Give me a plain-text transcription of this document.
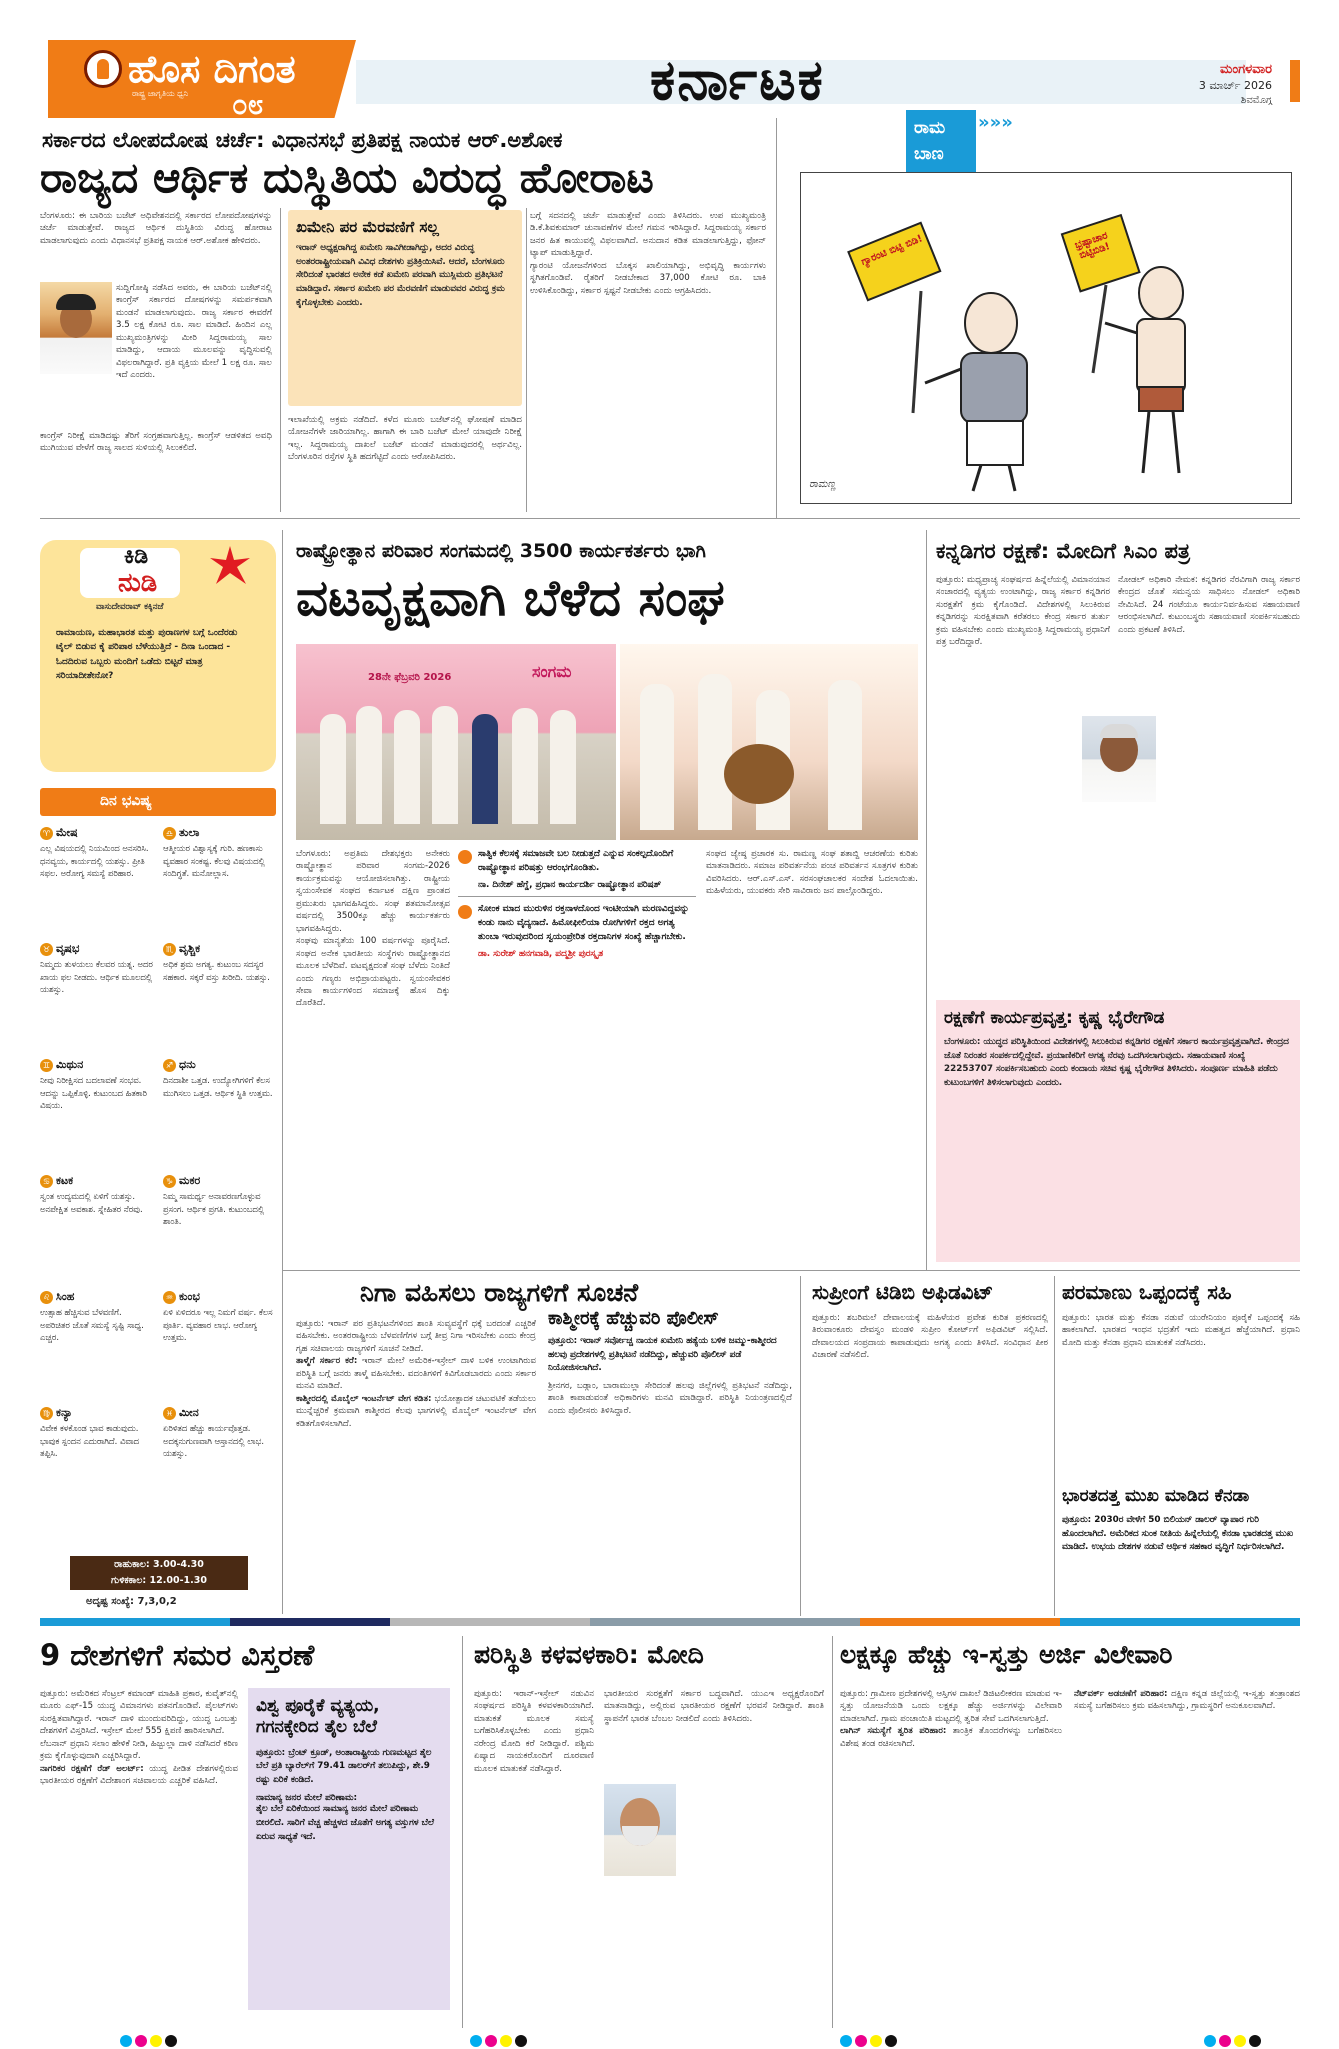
ಹೊಸ ದಿಗಂತ
ರಾಷ್ಟ್ರ ಜಾಗೃತಿಯ ಧ್ವನಿ ೦೮	ಕರ್ನಾಟಕ	ಮಂಗಳವಾರ
3 ಮಾರ್ಚ್ 2026
ಶಿವಮೊಗ್ಗ
ಸರ್ಕಾರದ ಲೋಪದೋಷ ಚರ್ಚೆ: ವಿಧಾನಸಭೆ ಪ್ರತಿಪಕ್ಷ ನಾಯಕ ಆರ್.ಅಶೋಕ
ರಾಜ್ಯದ ಆರ್ಥಿಕ ದುಸ್ಥಿತಿಯ ವಿರುದ್ಧ ಹೋರಾಟ

ಬೆಂಗಳೂರು: ಈ ಬಾರಿಯ ಬಜೆಟ್ ಅಧಿವೇಶನದಲ್ಲಿ ಸರ್ಕಾರದ ಲೋಪದೋಷಗಳನ್ನು ಚರ್ಚೆ ಮಾಡುತ್ತೇವೆ. ರಾಜ್ಯದ ಆರ್ಥಿಕ ದುಸ್ಥಿತಿಯ ವಿರುದ್ಧ ಹೋರಾಟ ಮಾಡಲಾಗುವುದು ಎಂದು ವಿಧಾನಸಭೆ ಪ್ರತಿಪಕ್ಷ ನಾಯಕ ಆರ್.ಅಶೋಕ ಹೇಳಿದರು.

ಸುದ್ದಿಗೋಷ್ಠಿ ನಡೆಸಿದ ಅವರು, ಈ ಬಾರಿಯ ಬಜೆಟ್‌ನಲ್ಲಿ ಕಾಂಗ್ರೆಸ್ ಸರ್ಕಾರದ ದೋಷಗಳನ್ನು ಸಮರ್ಪಕವಾಗಿ ಮಂಡನೆ ಮಾಡಲಾಗುವುದು. ರಾಜ್ಯ ಸರ್ಕಾರ ಈವರೆಗೆ 3.5 ಲಕ್ಷ ಕೋಟಿ ರೂ. ಸಾಲ ಮಾಡಿದೆ. ಹಿಂದಿನ ಎಲ್ಲ ಮುಖ್ಯಮಂತ್ರಿಗಳನ್ನು ಮೀರಿ ಸಿದ್ದರಾಮಯ್ಯ ಸಾಲ ಮಾಡಿದ್ದು, ಆದಾಯ ಮೂಲವನ್ನು ವೃದ್ಧಿಸುವಲ್ಲಿ ವಿಫಲರಾಗಿದ್ದಾರೆ. ಪ್ರತಿ ವ್ಯಕ್ತಿಯ ಮೇಲೆ 1 ಲಕ್ಷ ರೂ. ಸಾಲ ಇದೆ ಎಂದರು.

ಕಾಂಗ್ರೆಸ್ ನಿರೀಕ್ಷೆ ಮಾಡಿದಷ್ಟು ತೆರಿಗೆ ಸಂಗ್ರಹವಾಗುತ್ತಿಲ್ಲ. ಕಾಂಗ್ರೆಸ್ ಆಡಳಿತದ ಅವಧಿ ಮುಗಿಯುವ ವೇಳೆಗೆ ರಾಜ್ಯ ಸಾಲದ ಸುಳಿಯಲ್ಲಿ ಸಿಲುಕಲಿದೆ.

ಖಮೇನಿ ಪರ ಮೆರವಣಿಗೆ ಸಲ್ಲ
ಇರಾನ್ ಅಧ್ಯಕ್ಷರಾಗಿದ್ದ ಖಮೇನಿ ಸಾವಿಗೀಡಾಗಿದ್ದು, ಅದರ ವಿರುದ್ಧ ಅಂತರರಾಷ್ಟ್ರೀಯವಾಗಿ ವಿವಿಧ ದೇಶಗಳು ಪ್ರತಿಕ್ರಿಯಿಸಿವೆ. ಆದರೆ, ಬೆಂಗಳೂರು ಸೇರಿದಂತೆ ಭಾರತದ ಅನೇಕ ಕಡೆ ಖಮೇನಿ ಪರವಾಗಿ ಮುಸ್ಲಿಮರು ಪ್ರತಿಭಟನೆ ಮಾಡಿದ್ದಾರೆ. ಸರ್ಕಾರ ಖಮೇನಿ ಪರ ಮೆರವಣಿಗೆ ಮಾಡುವವರ ವಿರುದ್ಧ ಕ್ರಮ ಕೈಗೊಳ್ಳಬೇಕು ಎಂದರು.

ಇಲಾಖೆಯಲ್ಲಿ ಅಕ್ರಮ ನಡೆದಿದೆ. ಕಳೆದ ಮೂರು ಬಜೆಟ್‌ನಲ್ಲಿ ಘೋಷಣೆ ಮಾಡಿದ ಯೋಜನೆಗಳೇ ಜಾರಿಯಾಗಿಲ್ಲ. ಹಾಗಾಗಿ ಈ ಬಾರಿ ಬಜೆಟ್ ಮೇಲೆ ಯಾವುದೇ ನಿರೀಕ್ಷೆ ಇಲ್ಲ. ಸಿದ್ದರಾಮಯ್ಯ ದಾಖಲೆ ಬಜೆಟ್ ಮಂಡನೆ ಮಾಡುವುದರಲ್ಲಿ ಅರ್ಥವಿಲ್ಲ. ಬೆಂಗಳೂರಿನ ರಸ್ತೆಗಳ ಸ್ಥಿತಿ ಹದಗೆಟ್ಟಿದೆ ಎಂದು ಆರೋಪಿಸಿದರು.

ಬಗ್ಗೆ ಸದನದಲ್ಲಿ ಚರ್ಚೆ ಮಾಡುತ್ತೇವೆ ಎಂದು ತಿಳಿಸಿದರು. ಉಪ ಮುಖ್ಯಮಂತ್ರಿ ಡಿ.ಕೆ.ಶಿವಕುಮಾರ್ ಚುನಾವಣೆಗಳ ಮೇಲೆ ಗಮನ ಇರಿಸಿದ್ದಾರೆ. ಸಿದ್ದರಾಮಯ್ಯ ಸರ್ಕಾರ ಜನರ ಹಿತ ಕಾಯುವಲ್ಲಿ ವಿಫಲವಾಗಿದೆ. ಅನುದಾನ ಕಡಿತ ಮಾಡಲಾಗುತ್ತಿದ್ದು, ಫೋನ್ ಟ್ಯಾಪ್ ಮಾಡುತ್ತಿದ್ದಾರೆ.

ಗ್ಯಾರಂಟಿ ಯೋಜನೆಗಳಿಂದ ಬೊಕ್ಕಸ ಖಾಲಿಯಾಗಿದ್ದು, ಅಭಿವೃದ್ಧಿ ಕಾರ್ಯಗಳು ಸ್ಥಗಿತಗೊಂಡಿವೆ. ರೈತರಿಗೆ ನೀಡಬೇಕಾದ 37,000 ಕೋಟಿ ರೂ. ಬಾಕಿ ಉಳಿಸಿಕೊಂಡಿದ್ದು, ಸರ್ಕಾರ ಸ್ಪಷ್ಟನೆ ನೀಡಬೇಕು ಎಂದು ಆಗ್ರಹಿಸಿದರು.

ರಾಮ
ಬಾಣ
»»»
ಗ್ಯಾರಂಟಿ ಬಿಟ್ಟಿ ಬಿಡಿ!	ಭ್ರಷ್ಟಾಚಾರ ಬಿಟ್ಟಿಬಿಡಿ!
ರಾಮಣ್ಣ
ಕಿಡಿ
ನುಡಿ
ವಾಸುದೇವರಾವ್ ಕಕ್ಕಿನಜೆ
ರಾಮಾಯಣ, ಮಹಾಭಾರತ ಮತ್ತು ಪುರಾಣಗಳ ಬಗ್ಗೆ ಒಂದೆರಡು ಟೈಲ್ ಬಿಡುವ ಕೈ ಪರಿಪಾಠ ಬೆಳೆಯುತ್ತಿದೆ - ದಿನಾ ಒಂದಾದ - ಓದದಿರುವ ಒಬ್ಬರು ಮಂದಿಗೆ ಒಡೆದು ಬಿಟ್ಟರೆ ಮಾತ್ರ ಸರಿಯಾದೀತೇನೋ?
ದಿನ ಭವಿಷ್ಯ
♈ ಮೇಷ
ಎಲ್ಲ ವಿಷಯದಲ್ಲಿ ನಿಯಮಿಂದ ಅನಸರಿಸಿ. ಧನವ್ಯಯ, ಕಾರ್ಯದಲ್ಲಿ ಯಶಸ್ಸು. ಪ್ರೀತಿ ಸಫಲ. ಅರೋಗ್ಯ ಸಮಸ್ಯೆ ಪರಿಹಾರ.
♎ ತುಲಾ
ಆತ್ಮೀಯರ ವಿಶ್ವಾಸ್ಯಕ್ಕೆ ಗುರಿ. ಹಣಕಾಸು ವ್ಯವಹಾರ ಸಂಕಷ್ಟ. ಕೆಲವು ವಿಷಯದಲ್ಲಿ ಸಂದಿಗ್ಧತೆ. ಮನೋಲ್ಲಾಸ.
♉ ವೃಷಭ
ನಿಮ್ಮದು ತುಳಯಲು ಕೆಲವರ ಯತ್ನ. ಅದರ ಖಾಯ ಫಲ ನೀಡದು. ಆರ್ಥಿಕ ಮೂಲದಲ್ಲಿ ಯಶಸ್ಸು.
♏ ವೃಶ್ಚಿಕ
ಅಧಿಕ ಶ್ರಮ ಅಗತ್ಯ. ಕುಟುಂಬ ಸದಸ್ಯರ ಸಹಕಾರ. ಸಕ್ಕರೆ ವಸ್ತು ಖರೀದಿ. ಯಶಸ್ಸು.
♊ ಮಿಥುನ
ನೀವು ನಿರೀಕ್ಷಿಸದ ಬದಲಾವಣೆ ಸಂಭವ. ಆದನ್ನು ಒಪ್ಪಿಕೊಳ್ಳಿ. ಕುಟುಂಬದ ಹಿತಕಾರಿ ವಿಷಯ.
♐ ಧನು
ದಿನದಾಶೀ ಒತ್ತಡ. ಉದ್ಯೋಗಿಗಳಿಗೆ ಕೆಲಸ ಮುಗಿಸಲು ಒತ್ತಡ. ಆರ್ಥಿಕ ಸ್ಥಿತಿ ಉತ್ತಮ.
♋ ಕಟಕ
ಸ್ವಂತ ಉದ್ಯಮದಲ್ಲಿ ಏಳಿಗೆ ಯಶಸ್ಸು. ಅನಪೇಕ್ಷಿತ ಅವಕಾಶ. ಸ್ನೇಹಿತರ ನೆರವು.
♑ ಮಕರ
ನಿಮ್ಮ ಸಾಮರ್ಥ್ಯ ಅನಾವರಣಗೊಳ್ಳುವ ಪ್ರಸಂಗ. ಆರ್ಥಿಕ ಪ್ರಗತಿ. ಕುಟುಂಬದಲ್ಲಿ ಶಾಂತಿ.
♌ ಸಿಂಹ
ಉತ್ಸಾಹ ಹೆಚ್ಚಿಸುವ ಬೆಳವಣಿಗೆ. ಅಪರಿಚಿತರ ಜೊತೆ ಸಮಸ್ಯೆ ಸೃಷ್ಟಿ ಸಾಧ್ಯ. ಎಚ್ಚರ.
♒ ಕುಂಭ
ಏಳಿ ಏಳಿದರೂ ಇಲ್ಲ ನಿಮಗೆ ವರ್ಷ. ಕೆಲಸ ಪೂರ್ತಿ. ವ್ಯವಹಾರ ಲಾಭ. ಆರೋಗ್ಯ ಉತ್ತಮ.
♍ ಕನ್ಯಾ
ವಿವೇಕ ಕಳಕೊಂಡ ಭಾವ ಕಾಡುವುದು. ಭಾವುಕ ಸ್ಪಂದನ ಎದುರಾಗಿದೆ. ವಿವಾದ ತಪ್ಪಿಸಿ.
♓ ಮೀನ
ಏರಿಳಿತದ ಹೆಚ್ಚು ಕಾರ್ಯವೊತ್ತಡ. ಅದಕ್ಕನುಗುಣವಾಗಿ ಆಸ್ತಾನದಲ್ಲಿ ಲಾಭ. ಯಶಸ್ಸು.
ರಾಹುಕಾಲ: 3.00-4.30
ಗುಳಿಕಕಾಲ: 12.00-1.30
ಅದೃಷ್ಟ ಸಂಖ್ಯೆ: 7,3,0,2
ರಾಷ್ಟ್ರೋತ್ಥಾನ ಪರಿವಾರ ಸಂಗಮದಲ್ಲಿ 3500 ಕಾರ್ಯಕರ್ತರು ಭಾಗಿ
ವಟವೃಕ್ಷವಾಗಿ ಬೆಳೆದ ಸಂಘ
28ನೇ ಫೆಬ್ರವರಿ 2026	ಸಂಗಮ

ಬೆಂಗಳೂರು: ಅಪ್ರತಿಮ ದೇಶಭಕ್ತರು ಅನೇಕರು ರಾಷ್ಟ್ರೋತ್ಥಾನ ಪರಿವಾರ ಸಂಗಮ-2026 ಕಾರ್ಯಕ್ರಮವನ್ನು ಆಯೋಜಿಸಲಾಗಿತ್ತು. ರಾಷ್ಟ್ರೀಯ ಸ್ವಯಂಸೇವಕ ಸಂಘದ ಕರ್ನಾಟಕ ದಕ್ಷಿಣ ಪ್ರಾಂತದ ಪ್ರಮುಖರು ಭಾಗವಹಿಸಿದ್ದರು. ಸಂಘ ಶತಮಾನೋತ್ಸವ ವರ್ಷದಲ್ಲಿ 3500ಕ್ಕೂ ಹೆಚ್ಚು ಕಾರ್ಯಕರ್ತರು ಭಾಗವಹಿಸಿದ್ದರು.

ಸಂಘವು ಮಾನ್ಯತೆಯ 100 ವರ್ಷಗಳನ್ನು ಪೂರೈಸಿದೆ. ಸಂಘದ ಅನೇಕ ಭಾರತೀಯ ಸಂಸ್ಥೆಗಳು ರಾಷ್ಟ್ರೋತ್ಥಾನದ ಮೂಲಕ ಬೆಳೆದಿವೆ. ವಟವೃಕ್ಷದಂತೆ ಸಂಘ ಬೆಳೆದು ನಿಂತಿದೆ ಎಂದು ಗಣ್ಯರು ಅಭಿಪ್ರಾಯಪಟ್ಟರು. ಸ್ವಯಂಸೇವಕರ ಸೇವಾ ಕಾರ್ಯಗಳಿಂದ ಸಮಾಜಕ್ಕೆ ಹೊಸ ದಿಕ್ಕು ದೊರೆತಿದೆ.

ಸಾತ್ವಿಕ ಕೆಲಸಕ್ಕೆ ಸಮಾಜವೇ ಬಲ ನೀಡುತ್ತದೆ ಎನ್ನುವ ಸಂಕಲ್ಪದೊಂದಿಗೆ ರಾಷ್ಟ್ರೋತ್ಥಾನ ಪರಿಷತ್ತು ಆರಂಭಗೊಂಡಿತು.
ನಾ. ದಿನೇಶ್ ಹೆಗ್ಡೆ, ಪ್ರಧಾನ ಕಾರ್ಯದರ್ಶಿ ರಾಷ್ಟ್ರೋತ್ಥಾನ ಪರಿಷತ್
ಸೋಂಕ ಮಾದ ಮುರುಳಿನ ರಕ್ತನಾಳದೊಂದ ಇಂಟೀಯಾಗಿ ಮರಣವಿದ್ದವನ್ನು ಕಂಡು ನಾನು ವೈದ್ಯನಾದೆ. ಹಿಮೋಫೀಲಿಯಾ ರೋಗಿಗಳಿಗೆ ರಕ್ತದ ಅಗತ್ಯ ತುಂಬಾ ಇರುವುದರಿಂದ ಸ್ವಯಂಪ್ರೇರಿತ ರಕ್ತದಾನಿಗಳ ಸಂಖ್ಯೆ ಹೆಚ್ಚಾಗಬೇಕು.
ಡಾ. ಸುರೇಶ್ ಹನಗವಾಡಿ, ಪದ್ಮಶ್ರೀ ಪುರಸ್ಕೃತ

ಸಂಘದ ಜ್ಯೇಷ್ಠ ಪ್ರಚಾರಕ ಸು. ರಾಮಣ್ಣ ಸಂಘ ಶತಾಬ್ದಿ ಆಚರಣೆಯ ಕುರಿತು ಮಾತನಾಡಿದರು. ಸಮಾಜ ಪರಿವರ್ತನೆಯ ಪಂಚ ಪರಿವರ್ತನ ಸೂತ್ರಗಳ ಕುರಿತು ವಿವರಿಸಿದರು. ಆರ್.ಎಸ್.ಎಸ್. ಸರಸಂಘಚಾಲಕರ ಸಂದೇಶ ಓದಲಾಯಿತು. ಮಹಿಳೆಯರು, ಯುವಕರು ಸೇರಿ ಸಾವಿರಾರು ಜನ ಪಾಲ್ಗೊಂಡಿದ್ದರು.

ಕನ್ನಡಿಗರ ರಕ್ಷಣೆ: ಮೋದಿಗೆ ಸಿಎಂ ಪತ್ರ

ಪುತ್ತೂರು: ಮಧ್ಯಪ್ರಾಚ್ಯ ಸಂಘರ್ಷದ ಹಿನ್ನೆಲೆಯಲ್ಲಿ ವಿಮಾನಯಾನ ಸಂಚಾರದಲ್ಲಿ ವ್ಯತ್ಯಯ ಉಂಟಾಗಿದ್ದು, ರಾಜ್ಯ ಸರ್ಕಾರ ಕನ್ನಡಿಗರ ಸುರಕ್ಷತೆಗೆ ಕ್ರಮ ಕೈಗೊಂಡಿದೆ. ವಿದೇಶಗಳಲ್ಲಿ ಸಿಲುಕಿರುವ ಕನ್ನಡಿಗರನ್ನು ಸುರಕ್ಷಿತವಾಗಿ ಕರೆತರಲು ಕೇಂದ್ರ ಸರ್ಕಾರ ತುರ್ತು ಕ್ರಮ ವಹಿಸಬೇಕು ಎಂದು ಮುಖ್ಯಮಂತ್ರಿ ಸಿದ್ದರಾಮಯ್ಯ ಪ್ರಧಾನಿಗೆ ಪತ್ರ ಬರೆದಿದ್ದಾರೆ.

ನೋಡಲ್ ಅಧಿಕಾರಿ ನೇಮಕ: ಕನ್ನಡಿಗರ ನೆರವಿಗಾಗಿ ರಾಜ್ಯ ಸರ್ಕಾರ ಕೇಂದ್ರದ ಜೊತೆ ಸಮನ್ವಯ ಸಾಧಿಸಲು ನೋಡಲ್ ಅಧಿಕಾರಿ ನೇಮಿಸಿದೆ. 24 ಗಂಟೆಯೂ ಕಾರ್ಯನಿರ್ವಹಿಸುವ ಸಹಾಯವಾಣಿ ಆರಂಭಿಸಲಾಗಿದೆ. ಕುಟುಂಬಸ್ಥರು ಸಹಾಯವಾಣಿ ಸಂಪರ್ಕಿಸಬಹುದು ಎಂದು ಪ್ರಕಟಣೆ ತಿಳಿಸಿದೆ.

ರಕ್ಷಣೆಗೆ ಕಾರ್ಯಪ್ರವೃತ್ತ: ಕೃಷ್ಣ ಭೈರೇಗೌಡ
ಬೆಂಗಳೂರು: ಯುದ್ಧದ ಪರಿಸ್ಥಿತಿಯಿಂದ ವಿದೇಶಗಳಲ್ಲಿ ಸಿಲುಕಿರುವ ಕನ್ನಡಿಗರ ರಕ್ಷಣೆಗೆ ಸರ್ಕಾರ ಕಾರ್ಯಪ್ರವೃತ್ತವಾಗಿದೆ. ಕೇಂದ್ರದ ಜೊತೆ ನಿರಂತರ ಸಂಪರ್ಕದಲ್ಲಿದ್ದೇವೆ. ಪ್ರಯಾಣಿಕರಿಗೆ ಅಗತ್ಯ ನೆರವು ಒದಗಿಸಲಾಗುವುದು. ಸಹಾಯವಾಣಿ ಸಂಖ್ಯೆ 22253707 ಸಂಪರ್ಕಿಸಬಹುದು ಎಂದು ಕಂದಾಯ ಸಚಿವ ಕೃಷ್ಣ ಭೈರೇಗೌಡ ತಿಳಿಸಿದರು. ಸಂಪೂರ್ಣ ಮಾಹಿತಿ ಪಡೆದು ಕುಟುಂಬಗಳಿಗೆ ತಿಳಿಸಲಾಗುವುದು ಎಂದರು.
ನಿಗಾ ವಹಿಸಲು ರಾಜ್ಯಗಳಿಗೆ ಸೂಚನೆ

ಪುತ್ತೂರು: ಇರಾನ್ ಪರ ಪ್ರತಿಭಟನೆಗಳಿಂದ ಶಾಂತಿ ಸುವ್ಯವಸ್ಥೆಗೆ ಧಕ್ಕೆ ಬರದಂತೆ ಎಚ್ಚರಿಕೆ ವಹಿಸಬೇಕು. ಅಂತರರಾಷ್ಟ್ರೀಯ ಬೆಳವಣಿಗೆಗಳ ಬಗ್ಗೆ ತೀವ್ರ ನಿಗಾ ಇರಿಸಬೇಕು ಎಂದು ಕೇಂದ್ರ ಗೃಹ ಸಚಿವಾಲಯ ರಾಜ್ಯಗಳಿಗೆ ಸೂಚನೆ ನೀಡಿದೆ.

ತಾಳ್ಮೆಗೆ ಸರ್ಕಾರ ಕರೆ: ಇರಾನ್ ಮೇಲೆ ಅಮೆರಿಕ-ಇಸ್ರೇಲ್ ದಾಳಿ ಬಳಿಕ ಉಂಟಾಗಿರುವ ಪರಿಸ್ಥಿತಿ ಬಗ್ಗೆ ಜನರು ತಾಳ್ಮೆ ವಹಿಸಬೇಕು. ವದಂತಿಗಳಿಗೆ ಕಿವಿಗೊಡಬಾರದು ಎಂದು ಸರ್ಕಾರ ಮನವಿ ಮಾಡಿದೆ.

ಕಾಶ್ಮೀರದಲ್ಲಿ ಮೊಬೈಲ್ ಇಂಟರ್ನೆಟ್ ವೇಗ ಕಡಿತ: ಭಯೋತ್ಪಾದಕ ಚಟುವಟಿಕೆ ತಡೆಯಲು ಮುನ್ನೆಚ್ಚರಿಕೆ ಕ್ರಮವಾಗಿ ಕಾಶ್ಮೀರದ ಕೆಲವು ಭಾಗಗಳಲ್ಲಿ ಮೊಬೈಲ್ ಇಂಟರ್ನೆಟ್ ವೇಗ ಕಡಿತಗೊಳಿಸಲಾಗಿದೆ.

ಕಾಶ್ಮೀರಕ್ಕೆ ಹೆಚ್ಚುವರಿ ಪೊಲೀಸ್
ಪುತ್ತೂರು: ಇರಾನ್ ಸರ್ವೋಚ್ಚ ನಾಯಕ ಖಮೇನಿ ಹತ್ಯೆಯ ಬಳಿಕ ಜಮ್ಮು-ಕಾಶ್ಮೀರದ ಹಲವು ಪ್ರದೇಶಗಳಲ್ಲಿ ಪ್ರತಿಭಟನೆ ನಡೆದಿದ್ದು, ಹೆಚ್ಚುವರಿ ಪೊಲೀಸ್ ಪಡೆ ನಿಯೋಜಿಸಲಾಗಿದೆ.
ಶ್ರೀನಗರ, ಬಡ್ಗಾಂ, ಬಾರಾಮುಲ್ಲಾ ಸೇರಿದಂತೆ ಹಲವು ಜಿಲ್ಲೆಗಳಲ್ಲಿ ಪ್ರತಿಭಟನೆ ನಡೆದಿದ್ದು, ಶಾಂತಿ ಕಾಪಾಡುವಂತೆ ಅಧಿಕಾರಿಗಳು ಮನವಿ ಮಾಡಿದ್ದಾರೆ. ಪರಿಸ್ಥಿತಿ ನಿಯಂತ್ರಣದಲ್ಲಿದೆ ಎಂದು ಪೊಲೀಸರು ತಿಳಿಸಿದ್ದಾರೆ.
ಸುಪ್ರೀಂಗೆ ಟಿಡಿಬಿ ಅಫಿಡವಿಟ್
ಪುತ್ತೂರು: ಶಬರಿಮಲೆ ದೇವಾಲಯಕ್ಕೆ ಮಹಿಳೆಯರ ಪ್ರವೇಶ ಕುರಿತ ಪ್ರಕರಣದಲ್ಲಿ ತಿರುವಾಂಕೂರು ದೇವಸ್ವಂ ಮಂಡಳಿ ಸುಪ್ರೀಂ ಕೋರ್ಟ್‌ಗೆ ಅಫಿಡವಿಟ್ ಸಲ್ಲಿಸಿದೆ. ದೇವಾಲಯದ ಸಂಪ್ರದಾಯ ಕಾಪಾಡುವುದು ಅಗತ್ಯ ಎಂದು ತಿಳಿಸಿದೆ. ಸಂವಿಧಾನ ಪೀಠ ವಿಚಾರಣೆ ನಡೆಸಲಿದೆ.
ಪರಮಾಣು ಒಪ್ಪಂದಕ್ಕೆ ಸಹಿ
ಪುತ್ತೂರು: ಭಾರತ ಮತ್ತು ಕೆನಡಾ ನಡುವೆ ಯುರೇನಿಯಂ ಪೂರೈಕೆ ಒಪ್ಪಂದಕ್ಕೆ ಸಹಿ ಹಾಕಲಾಗಿದೆ. ಭಾರತದ ಇಂಧನ ಭದ್ರತೆಗೆ ಇದು ಮಹತ್ವದ ಹೆಜ್ಜೆಯಾಗಿದೆ. ಪ್ರಧಾನಿ ಮೋದಿ ಮತ್ತು ಕೆನಡಾ ಪ್ರಧಾನಿ ಮಾತುಕತೆ ನಡೆಸಿದರು.
ಭಾರತದತ್ತ ಮುಖ ಮಾಡಿದ ಕೆನಡಾ
ಪುತ್ತೂರು: 2030ರ ವೇಳೆಗೆ 50 ಬಿಲಿಯನ್ ಡಾಲರ್ ವ್ಯಾಪಾರ ಗುರಿ ಹೊಂದಲಾಗಿದೆ. ಅಮೆರಿಕದ ಸುಂಕ ನೀತಿಯ ಹಿನ್ನೆಲೆಯಲ್ಲಿ ಕೆನಡಾ ಭಾರತದತ್ತ ಮುಖ ಮಾಡಿದೆ. ಉಭಯ ದೇಶಗಳ ನಡುವೆ ಆರ್ಥಿಕ ಸಹಕಾರ ವೃದ್ಧಿಗೆ ನಿರ್ಧರಿಸಲಾಗಿದೆ.
9 ದೇಶಗಳಿಗೆ ಸಮರ ವಿಸ್ತರಣೆ

ಪುತ್ತೂರು: ಅಮೆರಿಕದ ಸೆಂಟ್ರಲ್ ಕಮಾಂಡ್ ಮಾಹಿತಿ ಪ್ರಕಾರ, ಕುವೈತ್‌ನಲ್ಲಿ ಮೂರು ಎಫ್-15 ಯುದ್ಧ ವಿಮಾನಗಳು ಪತನಗೊಂಡಿವೆ. ಪೈಲಟ್‌ಗಳು ಸುರಕ್ಷಿತವಾಗಿದ್ದಾರೆ. ಇರಾನ್ ದಾಳಿ ಮುಂದುವರಿದಿದ್ದು, ಯುದ್ಧ ಒಂಬತ್ತು ದೇಶಗಳಿಗೆ ವಿಸ್ತರಿಸಿದೆ. ಇಸ್ರೇಲ್ ಮೇಲೆ 555 ಕ್ಷಿಪಣಿ ಹಾರಿಸಲಾಗಿದೆ.

ಲೆಬನಾನ್ ಪ್ರಧಾನಿ ಸಲಾಂ ಹೇಳಿಕೆ ನೀಡಿ, ಹಿಜ್ಬುಲ್ಲಾ ದಾಳಿ ನಡೆಸಿದರೆ ಕಠಿಣ ಕ್ರಮ ಕೈಗೊಳ್ಳುವುದಾಗಿ ಎಚ್ಚರಿಸಿದ್ದಾರೆ.

ನಾಗರಿಕರ ರಕ್ಷಣೆಗೆ ರೆಡ್ ಅಲರ್ಟ್: ಯುದ್ಧ ಪೀಡಿತ ದೇಶಗಳಲ್ಲಿರುವ ಭಾರತೀಯರ ರಕ್ಷಣೆಗೆ ವಿದೇಶಾಂಗ ಸಚಿವಾಲಯ ಎಚ್ಚರಿಕೆ ವಹಿಸಿದೆ.

ವಿಶ್ವ ಪೂರೈಕೆ ವ್ಯತ್ಯಯ, ಗಗನಕ್ಕೇರಿದ ತೈಲ ಬೆಲೆ
ಪುತ್ತೂರು: ಬ್ರೆಂಟ್ ಕ್ರೂಡ್, ಅಂತಾರಾಷ್ಟ್ರೀಯ ಗುಣಮಟ್ಟದ ತೈಲ ಬೆಲೆ ಪ್ರತಿ ಬ್ಯಾರೆಲ್‌ಗೆ 79.41 ಡಾಲರ್‌ಗೆ ತಲುಪಿದ್ದು, ಶೇ.9 ರಷ್ಟು ಏರಿಕೆ ಕಂಡಿದೆ.
ನಾಮಾನ್ಯ ಜನರ ಮೇಲೆ ಪರಿಣಾಮ:
ತೈಲ ಬೆಲೆ ಏರಿಕೆಯಿಂದ ಸಾಮಾನ್ಯ ಜನರ ಮೇಲೆ ಪರಿಣಾಮ ಬೀರಲಿದೆ. ಸಾರಿಗೆ ವೆಚ್ಚ ಹೆಚ್ಚಳದ ಜೊತೆಗೆ ಅಗತ್ಯ ವಸ್ತುಗಳ ಬೆಲೆ ಏರುವ ಸಾಧ್ಯತೆ ಇದೆ.
ಪರಿಸ್ಥಿತಿ ಕಳವಳಕಾರಿ: ಮೋದಿ

ಪುತ್ತೂರು: ಇರಾನ್-ಇಸ್ರೇಲ್ ನಡುವಿನ ಸಂಘರ್ಷದ ಪರಿಸ್ಥಿತಿ ಕಳವಳಕಾರಿಯಾಗಿದೆ. ಮಾತುಕತೆ ಮೂಲಕ ಸಮಸ್ಯೆ ಬಗೆಹರಿಸಿಕೊಳ್ಳಬೇಕು ಎಂದು ಪ್ರಧಾನಿ ನರೇಂದ್ರ ಮೋದಿ ಕರೆ ನೀಡಿದ್ದಾರೆ. ಪಶ್ಚಿಮ ಏಷ್ಯಾದ ನಾಯಕರೊಂದಿಗೆ ದೂರವಾಣಿ ಮೂಲಕ ಮಾತುಕತೆ ನಡೆಸಿದ್ದಾರೆ.

ಭಾರತೀಯರ ಸುರಕ್ಷತೆಗೆ ಸರ್ಕಾರ ಬದ್ಧವಾಗಿದೆ. ಯುಎಇ ಅಧ್ಯಕ್ಷರೊಂದಿಗೆ ಮಾತನಾಡಿದ್ದು, ಅಲ್ಲಿರುವ ಭಾರತೀಯರ ರಕ್ಷಣೆಗೆ ಭರವಸೆ ನೀಡಿದ್ದಾರೆ. ಶಾಂತಿ ಸ್ಥಾಪನೆಗೆ ಭಾರತ ಬೆಂಬಲ ನೀಡಲಿದೆ ಎಂದು ತಿಳಿಸಿದರು.

ಲಕ್ಷಕ್ಕೂ ಹೆಚ್ಚು ಇ-ಸ್ವತ್ತು ಅರ್ಜಿ ವಿಲೇವಾರಿ

ಪುತ್ತೂರು: ಗ್ರಾಮೀಣ ಪ್ರದೇಶಗಳಲ್ಲಿ ಆಸ್ತಿಗಳ ದಾಖಲೆ ಡಿಜಿಟಲೀಕರಣ ಮಾಡುವ ಇ-ಸ್ವತ್ತು ಯೋಜನೆಯಡಿ ಒಂದು ಲಕ್ಷಕ್ಕೂ ಹೆಚ್ಚು ಅರ್ಜಿಗಳನ್ನು ವಿಲೇವಾರಿ ಮಾಡಲಾಗಿದೆ. ಗ್ರಾಮ ಪಂಚಾಯಿತಿ ಮಟ್ಟದಲ್ಲಿ ತ್ವರಿತ ಸೇವೆ ಒದಗಿಸಲಾಗುತ್ತಿದೆ.

ಲಾಗಿನ್ ಸಮಸ್ಯೆಗೆ ತ್ವರಿತ ಪರಿಹಾರ: ತಾಂತ್ರಿಕ ತೊಂದರೆಗಳನ್ನು ಬಗೆಹರಿಸಲು ವಿಶೇಷ ತಂಡ ರಚಿಸಲಾಗಿದೆ.

ನೆಟ್‌ವರ್ಕ್ ಅಡಚಣೆಗೆ ಪರಿಹಾರ: ದಕ್ಷಿಣ ಕನ್ನಡ ಜಿಲ್ಲೆಯಲ್ಲಿ ಇ-ಸ್ವತ್ತು ತಂತ್ರಾಂಶದ ಸಮಸ್ಯೆ ಬಗೆಹರಿಸಲು ಕ್ರಮ ವಹಿಸಲಾಗಿದ್ದು, ಗ್ರಾಮಸ್ಥರಿಗೆ ಅನುಕೂಲವಾಗಿದೆ.
